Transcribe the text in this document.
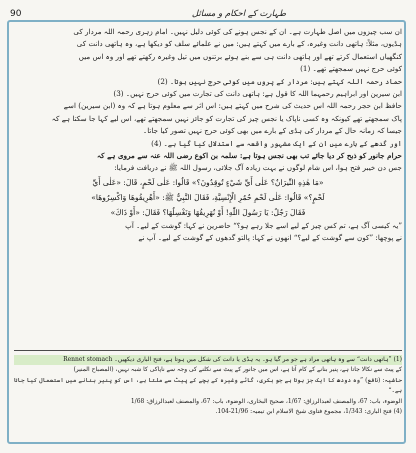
طہارت کے احکام و مسائل
90

ان سب چیزوں میں اصل طہارت ہے۔ ان کے نجس ہونے کی کوئی دلیل نہیں۔ امام زہری رحمہ اللہ مردار کی

ہڈیوں، مثلاً: ہاتھی دانت وغیرہ، کے بارے میں کہتے ہیں: میں نے علمائے سلف کو دیکھا ہے، وہ ہاتھی دانت کی

کنگھیاں استعمال کرتے تھے اور ہاتھی دانت ہی سے بنے ہوئے برتنوں میں تیل وغیرہ رکھتے تھے اور وہ اس میں

کوئی حرج نہیں سمجھتے تھے۔ (1)

حماد رحمہ اللہ کہتے ہیں: مردار کے پروں میں کوئی حرج نہیں ہوتا۔ (2)

ابن سیرین اور ابراہیم رحمہما اللہ کا قول ہے: ہاتھی دانت کی تجارت میں کوئی حرج نہیں۔ (3)

حافظ ابن حجر رحمہ اللہ اس حدیث کی شرح میں کہتے ہیں: اس اثر سے معلوم ہوتا ہے کہ وہ (ابن سیرین) اسے

پاک سمجھتے تھے کیونکہ وہ کسی ناپاک یا نجس چیز کی تجارت کو جائز نہیں سمجھتے تھے، اس لیے کہا جا سکتا ہے کہ

جیسا کہ زمانہ حال کے مردار کی ہڈی کے بارے میں بھی کوئی حرج نہیں تصور کیا جاتا۔

اور گدھے کے بارے میں ان کے ایک مشہور واقعہ سے استدلال کیا گیا ہے۔ (4)

حرام جانور کو ذبح کر دیا جائے تب بھی نجس ہوتا ہے: سلمہ بن اکوع رضی اللہ عنہ سے مروی ہے کہ

جس دن خیبر فتح ہوا، اس شام لوگوں نے بہت زیادہ آگ جلائی، رسول اللہ ﷺ نے دریافت فرمایا:

«مَا هٰذِهِ النِّيرَانُ؟ عَلٰى أَيِّ شَيْءٍ تُوقِدُونَ؟» قَالُوا: عَلٰى لَحْمٍ، قَالَ: «عَلٰى أَيِّ

لَحْمٍ؟» قَالُوا: عَلٰى لَحْمِ حُمُرِ الْإِنْسِيَّةِ، فَقَالَ النَّبِيُّ ﷺ: «أَهْرِيقُوهَا وَاكْسِرُوهَا»

فَقَالَ رَجُلٌ: يَا رَسُولَ اللّٰهِ! أَوْ نُهَرِيقُهَا وَنَغْسِلُهَا؟ فَقَالَ: «أَوْ ذَاكَ»

”یہ کیسی آگ ہے، تم کس چیز کے لیے اسے جلا رہے ہو؟“ حاضرین نے کہا: گوشت کے لیے۔ آپ

نے پوچھا: ”کون سے گوشت کے لیے؟“ انھوں نے کہا: پالتو گدھوں کے گوشت کے لیے۔ آپ نے

(1) ”ہاتھی دانت“ سے وہ ہاتھی مراد ہے جو مر گیا ہو۔ یہ ہڈی یا دانت کی شکل میں ہوتا ہے، فتح الباری دیکھیں۔ Rennet stomach

کے پیٹ سے نکالا جاتا ہے، پنیر بنانے کے کام آتا ہے، اس میں جانور کے پیٹ سے نکلنے کی وجہ سے ناپاکی کا شبہ نہیں، (المصباح المنیر)

حاشیہ: (نافع) ”وہ دودھ کا ایک جز ہوتا ہے جو بکری، گائے وغیرہ کے بچے کے پیٹ سے ملتا ہے، اس کو پنیر بنانے میں استعمال کیا جاتا ہے۔“

الوضوء، باب: 67، والمصنف لعبدالرزاق: 1/67، صحیح البخاری، الوضوء، باب: 67، والمصنف لعبدالرزاق: 1/68

(4) فتح الباری: 1/343، مجموع فتاوی شیخ الاسلام ابن تیمیہ: 21/96-104.
